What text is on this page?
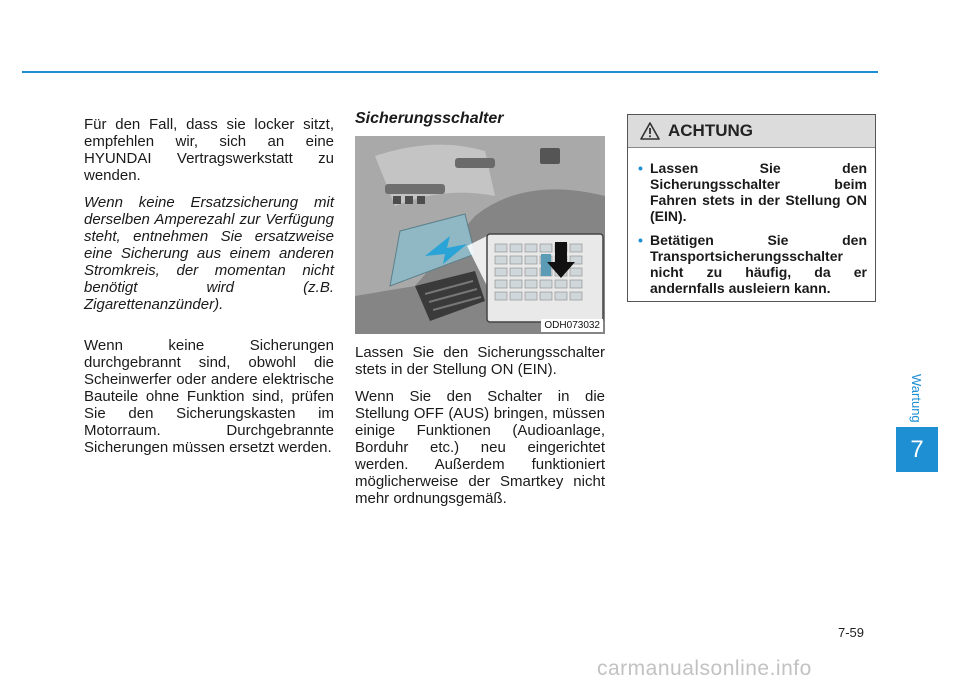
Für den Fall, dass sie locker sitzt, empfehlen wir, sich an eine HYUNDAI Vertragswerkstatt zu wenden.

Wenn keine Ersatzsicherung mit derselben Amperezahl zur Verfügung steht, entnehmen Sie ersatzweise eine Sicherung aus einem anderen Stromkreis, der momentan nicht benötigt wird (z.B. Zigarettenanzünder).

Wenn keine Sicherungen durchgebrannt sind, obwohl die Scheinwerfer oder andere elektrische Bauteile ohne Funktion sind, prüfen Sie den Sicherungskasten im Motorraum. Durchgebrannte Sicherungen müssen ersetzt werden.

Sicherungsschalter
ODH073032

Lassen Sie den Sicherungsschalter stets in der Stellung ON (EIN).

Wenn Sie den Schalter in die Stellung OFF (AUS) bringen, müssen einige Funktionen (Audioanlage, Borduhr etc.) neu eingerichtet werden. Außerdem funktioniert möglicherweise der Smartkey nicht mehr ordnungsgemäß.

ACHTUNG
• Lassen Sie den Sicherungsschalter beim Fahren stets in der Stellung ON (EIN).
• Betätigen Sie den Transportsicherungsschalter nicht zu häufig, da er andernfalls ausleiern kann.
Wartung
7
7-59
carmanualsonline.info
